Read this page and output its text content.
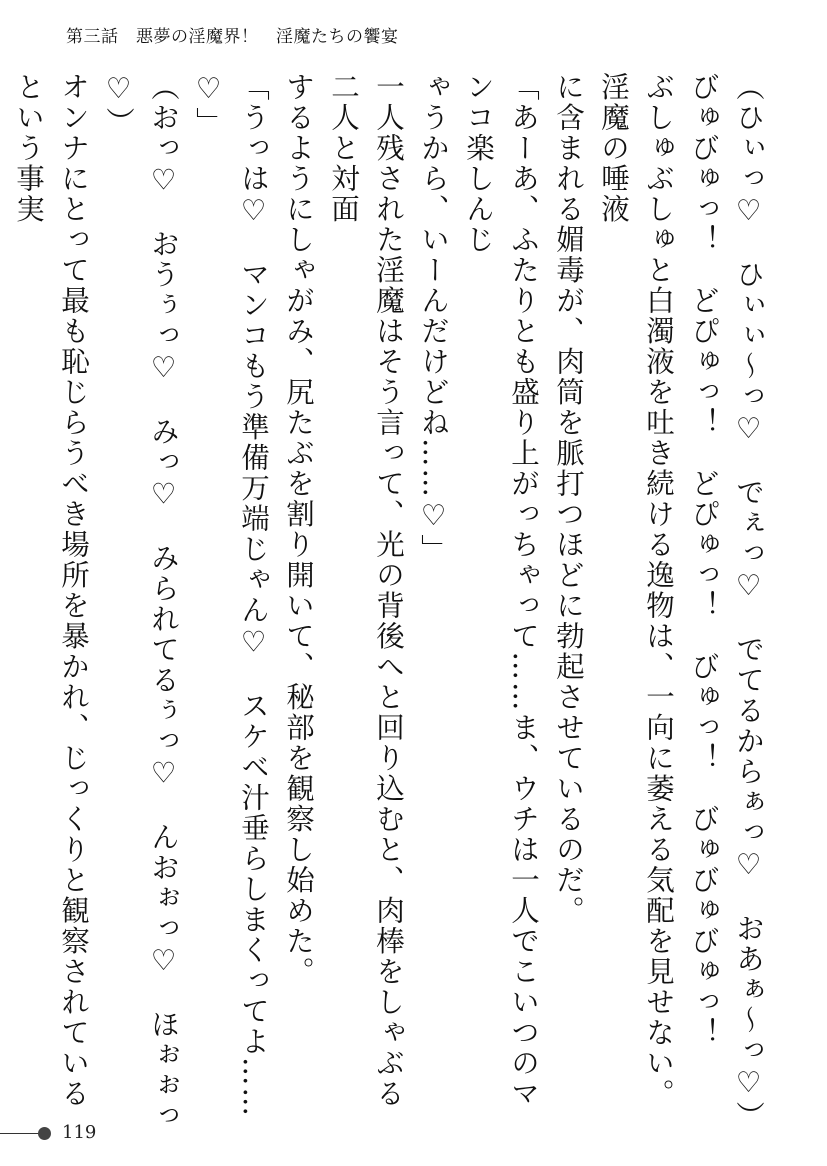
第三話　悪夢の淫魔界！　淫魔たちの饗宴

（ひぃっ♡　ひぃぃ～っ♡　でぇっ♡　でてるからぁっ♡　おあぁ～っ♡）

びゅびゅっ！　どぴゅっ！　どぴゅっ！　びゅっ！　びゅびゅびゅっ！

ぶしゅぶしゅと白濁液を吐き続ける逸物は、一向に萎える気配を見せない。淫魔の唾液

に含まれる媚毒が、肉筒を脈打つほどに勃起させているのだ。

「あーあ、ふたりとも盛り上がっちゃって……ま、ウチは一人でこいつのマンコ楽しんじ

ゃうから、いーんだけどね……♡」

一人残された淫魔はそう言って、光の背後へと回り込むと、肉棒をしゃぶる二人と対面

するようにしゃがみ、尻たぶを割り開いて、秘部を観察し始めた。

「うっは♡　マンコもう準備万端じゃん♡　スケベ汁垂らしまくってよ……♡」

（おっ♡　おうぅっ♡　みっ♡　みられてるぅっ♡　んおぉっ♡　ほぉぉっ♡）

オンナにとって最も恥じらうべき場所を暴かれ、じっくりと観察されているという事実

119
